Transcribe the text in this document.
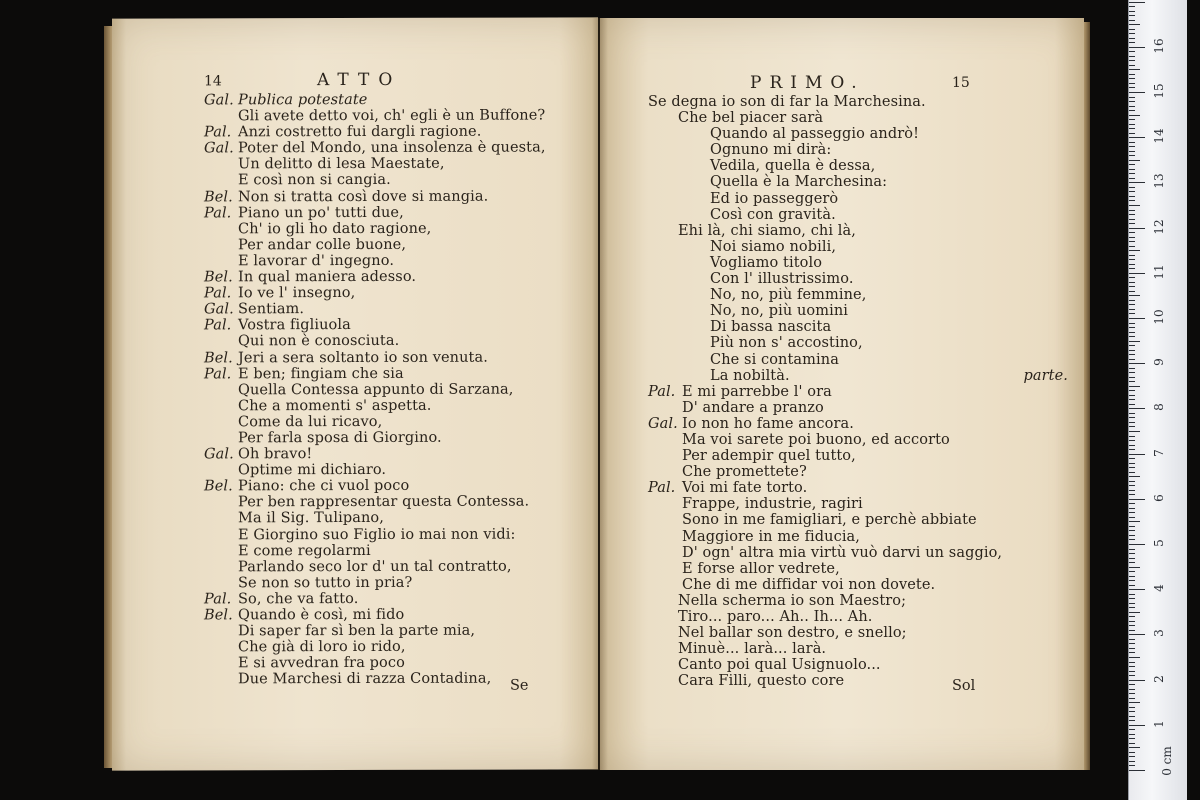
14	ATTO
Gal. Publica potestate
Gli avete detto voi, ch' egli è un Buffone?
Pal. Anzi costretto fui dargli ragione.
Gal. Poter del Mondo, una insolenza è questa,
Un delitto di lesa Maestate,
E così non si cangia.
Bel. Non si tratta così dove si mangia.
Pal. Piano un po' tutti due,
Ch' io gli ho dato ragione,
Per andar colle buone,
E lavorar d' ingegno.
Bel. In qual maniera adesso.
Pal. Io ve l' insegno,
Gal. Sentiam.
Pal. Vostra figliuola
Qui non è conosciuta.
Bel. Jeri a sera soltanto io son venuta.
Pal. E ben; fingiam che sia
Quella Contessa appunto di Sarzana,
Che a momenti s' aspetta.
Come da lui ricavo,
Per farla sposa di Giorgino.
Gal. Oh bravo!
Optime mi dichiaro.
Bel. Piano: che ci vuol poco
Per ben rappresentar questa Contessa.
Ma il Sig. Tulipano,
E Giorgino suo Figlio io mai non vidi:
E come regolarmi
Parlando seco lor d' un tal contratto,
Se non so tutto in pria?
Pal. So, che va fatto.
Bel. Quando è così, mi fido
Di saper far sì ben la parte mia,
Che già di loro io rido,
E si avvedran fra poco
Due Marchesi di razza Contadina,	Se
PRIMO.	15
Se degna io son di far la Marchesina.
Che bel piacer sarà
Quando al passeggio andrò!
Ognuno mi dirà:
Vedila, quella è dessa,
Quella è la Marchesina:
Ed io passeggerò
Così con gravità.
Ehi là, chi siamo, chi là,
Noi siamo nobili,
Vogliamo titolo
Con l' illustrissimo.
No, no, più femmine,
No, no, più uomini
Di bassa nascita
Più non s' accostino,
Che si contamina
La nobiltà.	parte.
Pal. E mi parrebbe l' ora
D' andare a pranzo
Gal. Io non ho fame ancora.
Ma voi sarete poi buono, ed accorto
Per adempir quel tutto,
Che promettete?
Pal. Voi mi fate torto.
Frappe, industrie, ragiri
Sono in me famigliari, e perchè abbiate
Maggiore in me fiducia,
D' ogn' altra mia virtù vuò darvi un saggio,
E forse allor vedrete,
Che di me diffidar voi non dovete.
Nella scherma io son Maestro;
Tiro... paro... Ah.. Ih... Ah.
Nel ballar son destro, e snello;
Minuè... larà... larà.
Canto poi qual Usignuolo...
Cara Filli, questo core	Sol
0 cm
1
2
3
4
5
6
7
8
9
10
11
12
13
14
15
16
